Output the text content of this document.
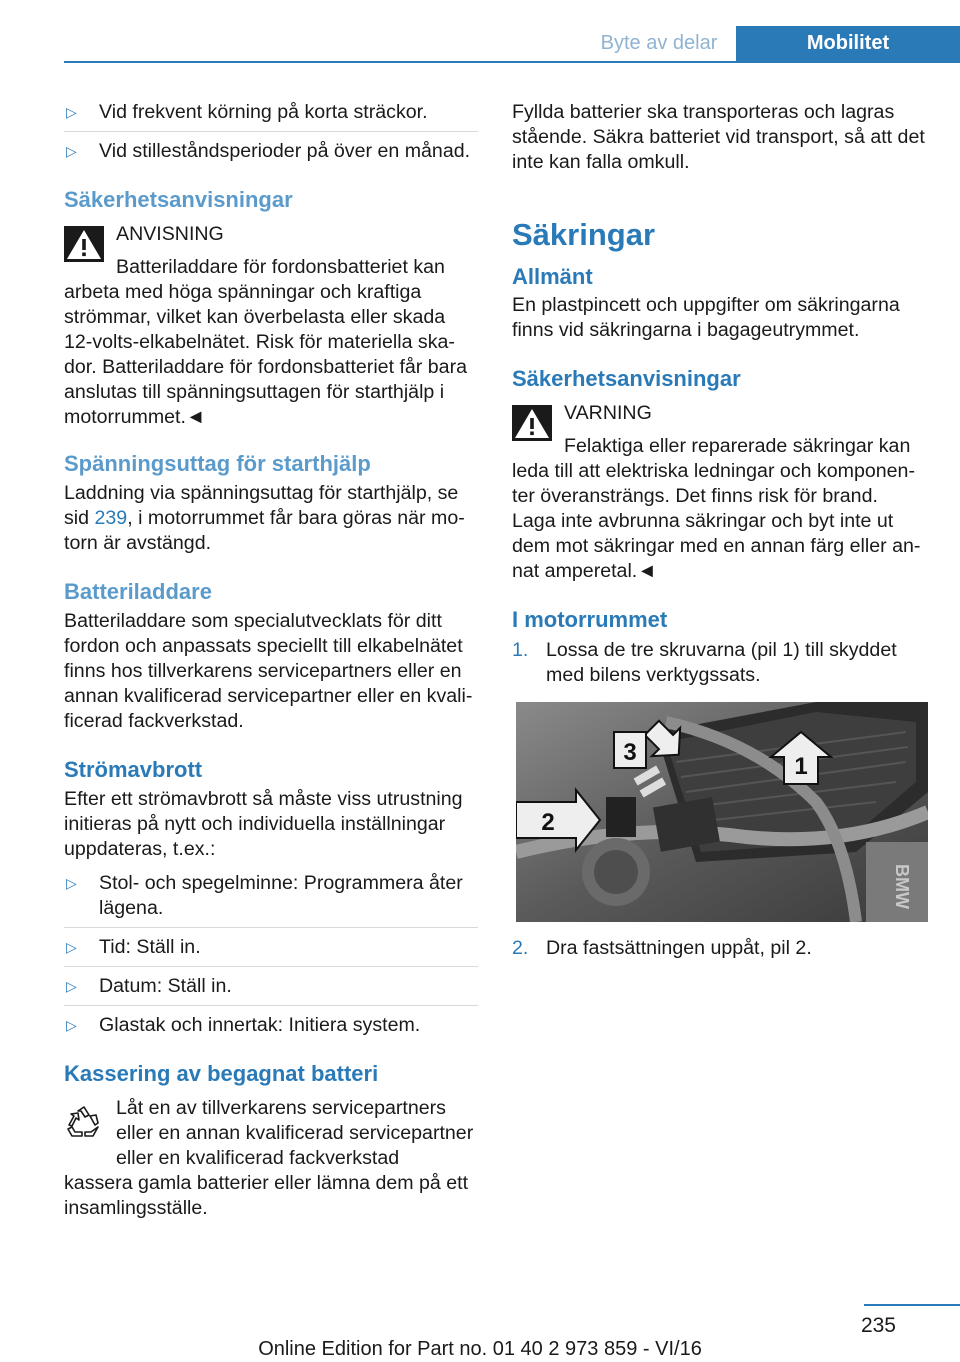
Byte av delar	Mobilitet
▷ Vid frekvent körning på korta sträckor.
▷ Vid stilleståndsperioder på över en månad.
Säkerhetsanvisningar

ANVISNING

Batteriladdare för fordonsbatteriet kan

arbeta med höga spänningar och kraftiga strömmar, vilket kan överbelasta eller skada 12-volts-elkabelnätet. Risk för materiella skador. Batteriladdare för fordonsbatteriet får bara anslutas till spänningsuttagen för starthjälp i motorrummet.◄

Spänningsuttag för starthjälp

Laddning via spänningsuttag för starthjälp, se sid 239, i motorrummet får bara göras när motorn är avstängd.

Batteriladdare

Batteriladdare som specialutvecklats för ditt fordon och anpassats speciellt till elkabelnätet finns hos tillverkarens servicepartners eller en annan kvalificerad servicepartner eller en kvalificerad fackverkstad.

Strömavbrott

Efter ett strömavbrott så måste viss utrustning initieras på nytt och individuella inställningar uppdateras, t.ex.:

▷ Stol- och spegelminne: Programmera åter lägena.
▷ Tid: Ställ in.
▷ Datum: Ställ in.
▷ Glastak och innertak: Initiera system.
Kassering av begagnat batteri

Låt en av tillverkarens servicepartners eller en annan kvalificerad servicepartner eller en kvalificerad fackverkstad

kassera gamla batterier eller lämna dem på ett insamlingsställe.

Fyllda batterier ska transporteras och lagras stående. Säkra batteriet vid transport, så att det inte kan falla omkull.

Säkringar
Allmänt

En plastpincett och uppgifter om säkringarna finns vid säkringarna i bagageutrymmet.

Säkerhetsanvisningar

VARNING

Felaktiga eller reparerade säkringar kan

leda till att elektriska ledningar och komponenter överansträngs. Det finns risk för brand. Laga inte avbrunna säkringar och byt inte ut dem mot säkringar med en annan färg eller annat amperetal.◄

I motorrummet
1. Lossa de tre skruvarna (pil 1) till skyddet med bilens verktygssats.
BMW
3
2
1
2. Dra fastsättningen uppåt, pil 2.
235
Online Edition for Part no. 01 40 2 973 859 - VI/16
